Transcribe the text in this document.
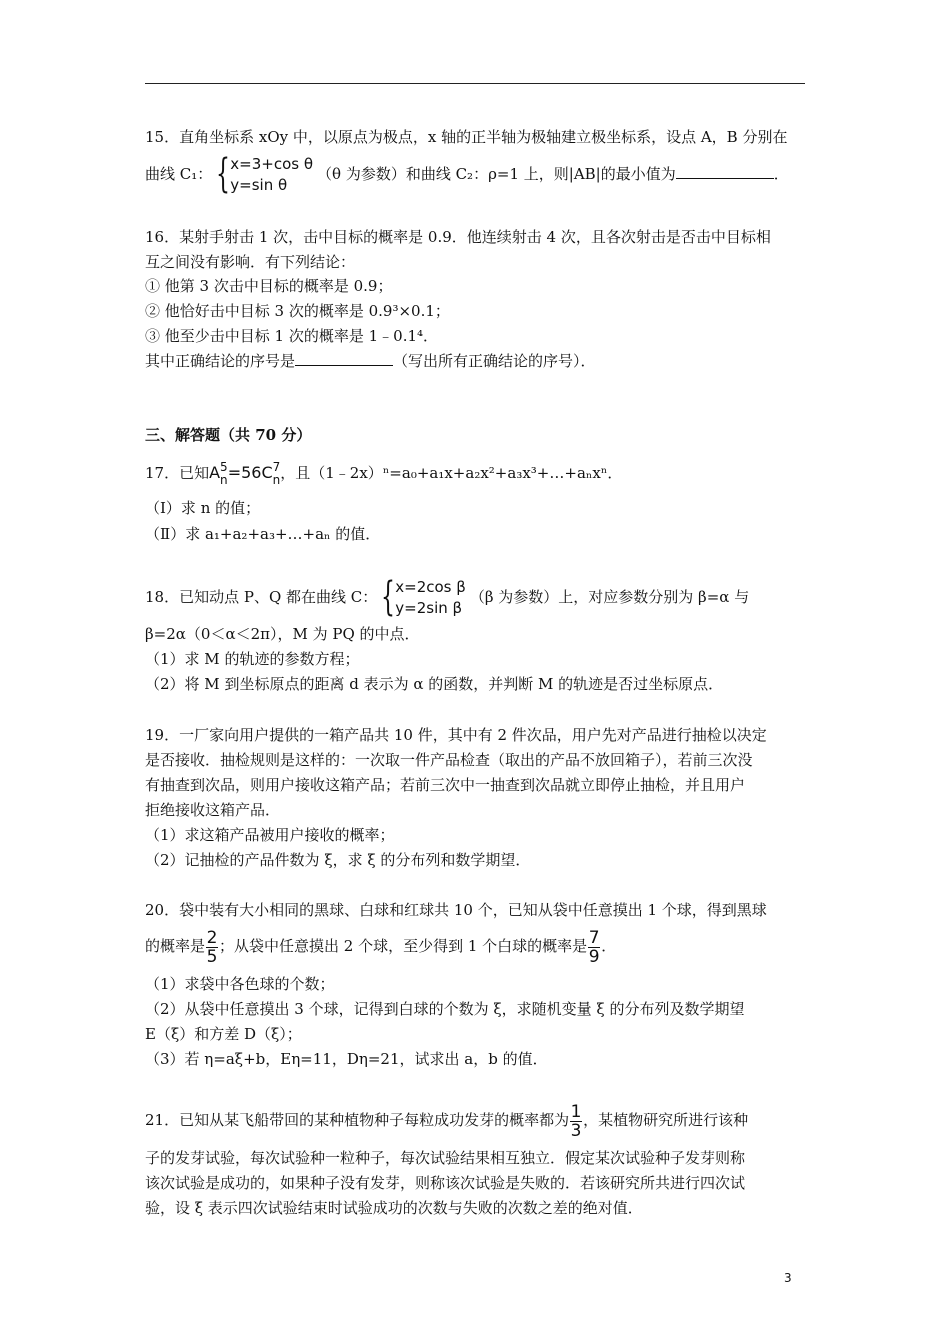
15．直角坐标系 xOy 中，以原点为极点，x 轴的正半轴为极轴建立极坐标系，设点 A，B 分别在
曲线 C₁： { x=3+cos θ
y=sin θ
（θ 为参数）和曲线 C₂：ρ=1 上，则|AB|的最小值为	．
16．某射手射击 1 次，击中目标的概率是 0.9．他连续射击 4 次，且各次射击是否击中目标相
互之间没有影响．有下列结论：
① 他第 3 次击中目标的概率是 0.9；
② 他恰好击中目标 3 次的概率是 0.9³×0.1；
③ 他至少击中目标 1 次的概率是 1﹣0.1⁴．
其中正确结论的序号是	（写出所有正确结论的序号）．
三、解答题（共 70 分）
17．已知A 5
n =56C 7
n ，且（1﹣2x）ⁿ=a₀+a₁x+a₂x²+a₃x³+…+aₙxⁿ．
（Ⅰ）求 n 的值；
（Ⅱ）求 a₁+a₂+a₃+…+aₙ 的值．
18．已知动点 P、Q 都在曲线 C： { x=2cos β
y=2sin β
（β 为参数）上，对应参数分别为 β=α 与
β=2α（0＜α＜2π），M 为 PQ 的中点．
（1）求 M 的轨迹的参数方程；
（2）将 M 到坐标原点的距离 d 表示为 α 的函数，并判断 M 的轨迹是否过坐标原点．
19．一厂家向用户提供的一箱产品共 10 件，其中有 2 件次品，用户先对产品进行抽检以决定
是否接收．抽检规则是这样的：一次取一件产品检查（取出的产品不放回箱子），若前三次没
有抽查到次品，则用户接收这箱产品；若前三次中一抽查到次品就立即停止抽检，并且用户
拒绝接收这箱产品．
（1）求这箱产品被用户接收的概率；
（2）记抽检的产品件数为 ξ，求 ξ 的分布列和数学期望．
20．袋中装有大小相同的黑球、白球和红球共 10 个，已知从袋中任意摸出 1 个球，得到黑球
的概率是 $\frac{2}{5}$ ；从袋中任意摸出 2 个球，至少得到 1 个白球的概率是 $\frac{7}{9}$ ．
（1）求袋中各色球的个数；
（2）从袋中任意摸出 3 个球，记得到白球的个数为 ξ，求随机变量 ξ 的分布列及数学期望
E（ξ）和方差 D（ξ）；
（3）若 η=aξ+b，Eη=11，Dη=21，试求出 a，b 的值．
21．已知从某飞船带回的某种植物种子每粒成功发芽的概率都为 $\frac{1}{3}$ ，某植物研究所进行该种
子的发芽试验，每次试验种一粒种子，每次试验结果相互独立．假定某次试验种子发芽则称
该次试验是成功的，如果种子没有发芽，则称该次试验是失败的．若该研究所共进行四次试
验，设 ξ 表示四次试验结束时试验成功的次数与失败的次数之差的绝对值．
3
